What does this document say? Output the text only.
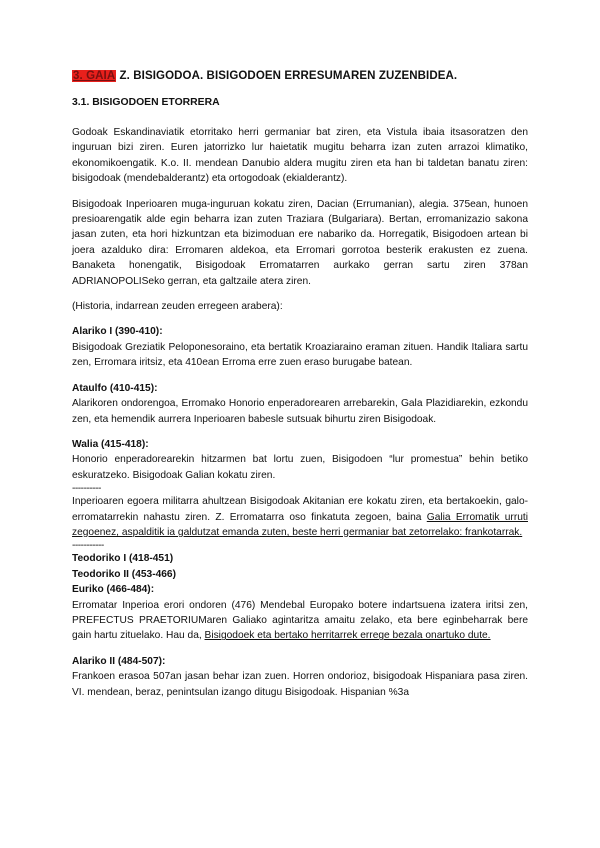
3. GAIA Z. BISIGODOA. BISIGODOEN ERRESUMAREN ZUZENBIDEA.
3.1. BISIGODOEN ETORRERA

Godoak Eskandinaviatik etorritako herri germaniar bat ziren, eta Vistula ibaia itsasoratzen den inguruan bizi ziren. Euren jatorrizko lur haietatik mugitu beharra izan zuten arrazoi klimatiko, ekonomikoengatik. K.o. II. mendean Danubio aldera mugitu ziren eta han bi taldetan banatu ziren: bisigodoak (mendebalderantz) eta ortogodoak (ekialderantz).

Bisigodoak Inperioaren muga-inguruan kokatu ziren, Dacian (Errumanian), alegia. 375ean, hunoen presioarengatik alde egin beharra izan zuten Traziara (Bulgariara). Bertan, erromanizazio sakona jasan zuten, eta hori hizkuntzan eta bizimoduan ere nabariko da. Horregatik, Bisigodoen artean bi joera azalduko dira: Erromaren aldekoa, eta Erromari gorrotoa besterik erakusten ez zuena. Banaketa honengatik, Bisigodoak Erromatarren aurkako gerran sartu ziren 378an ADRIANOPOLISeko gerran, eta galtzaile atera ziren.

(Historia, indarrean zeuden erregeen arabera):

Alariko I (390-410):
Bisigodoak Greziatik Peloponesoraino, eta bertatik Kroaziaraino eraman zituen. Handik Italiara sartu zen, Erromara iritsiz, eta 410ean Erroma erre zuen eraso burugabe batean.

Ataulfo (410-415):
Alarikoren ondorengoa, Erromako Honorio enperadorearen arrebarekin, Gala Plazidiarekin, ezkondu zen, eta hemendik aurrera Inperioaren babesle sutsuak bihurtu ziren Bisigodoak.

Walia (415-418):
Honorio enperadorearekin hitzarmen bat lortu zuen, Bisigodoen “lur promestua” behin betiko eskuratzeko. Bisigodoak Galian kokatu ziren.

----------

Inperioaren egoera militarra ahultzean Bisigodoak Akitanian ere kokatu ziren, eta bertakoekin, galo-erromatarrekin nahastu ziren. Z. Erromatarra oso finkatuta zegoen, baina Galia Erromatik urruti zegoenez, aspalditik ia galdutzat emanda zuten, beste herri germaniar bat zetorrelako: frankotarrak.

-----------

Teodoriko I (418-451)

Teodoriko II (453-466)

Euriko (466-484):
Erromatar Inperioa erori ondoren (476) Mendebal Europako botere indartsuena izatera iritsi zen, PREFECTUS PRAETORIUMaren Galiako agintaritza amaitu zelako, eta bere eginbeharrak bere gain hartu zituelako. Hau da, Bisigodoek eta bertako herritarrek errege bezala onartuko dute.

Alariko II (484-507):
Frankoen erasoa 507an jasan behar izan zuen. Horren ondorioz, bisigodoak Hispaniara pasa ziren. VI. mendean, beraz, penintsulan izango ditugu Bisigodoak. Hispanian %3a
